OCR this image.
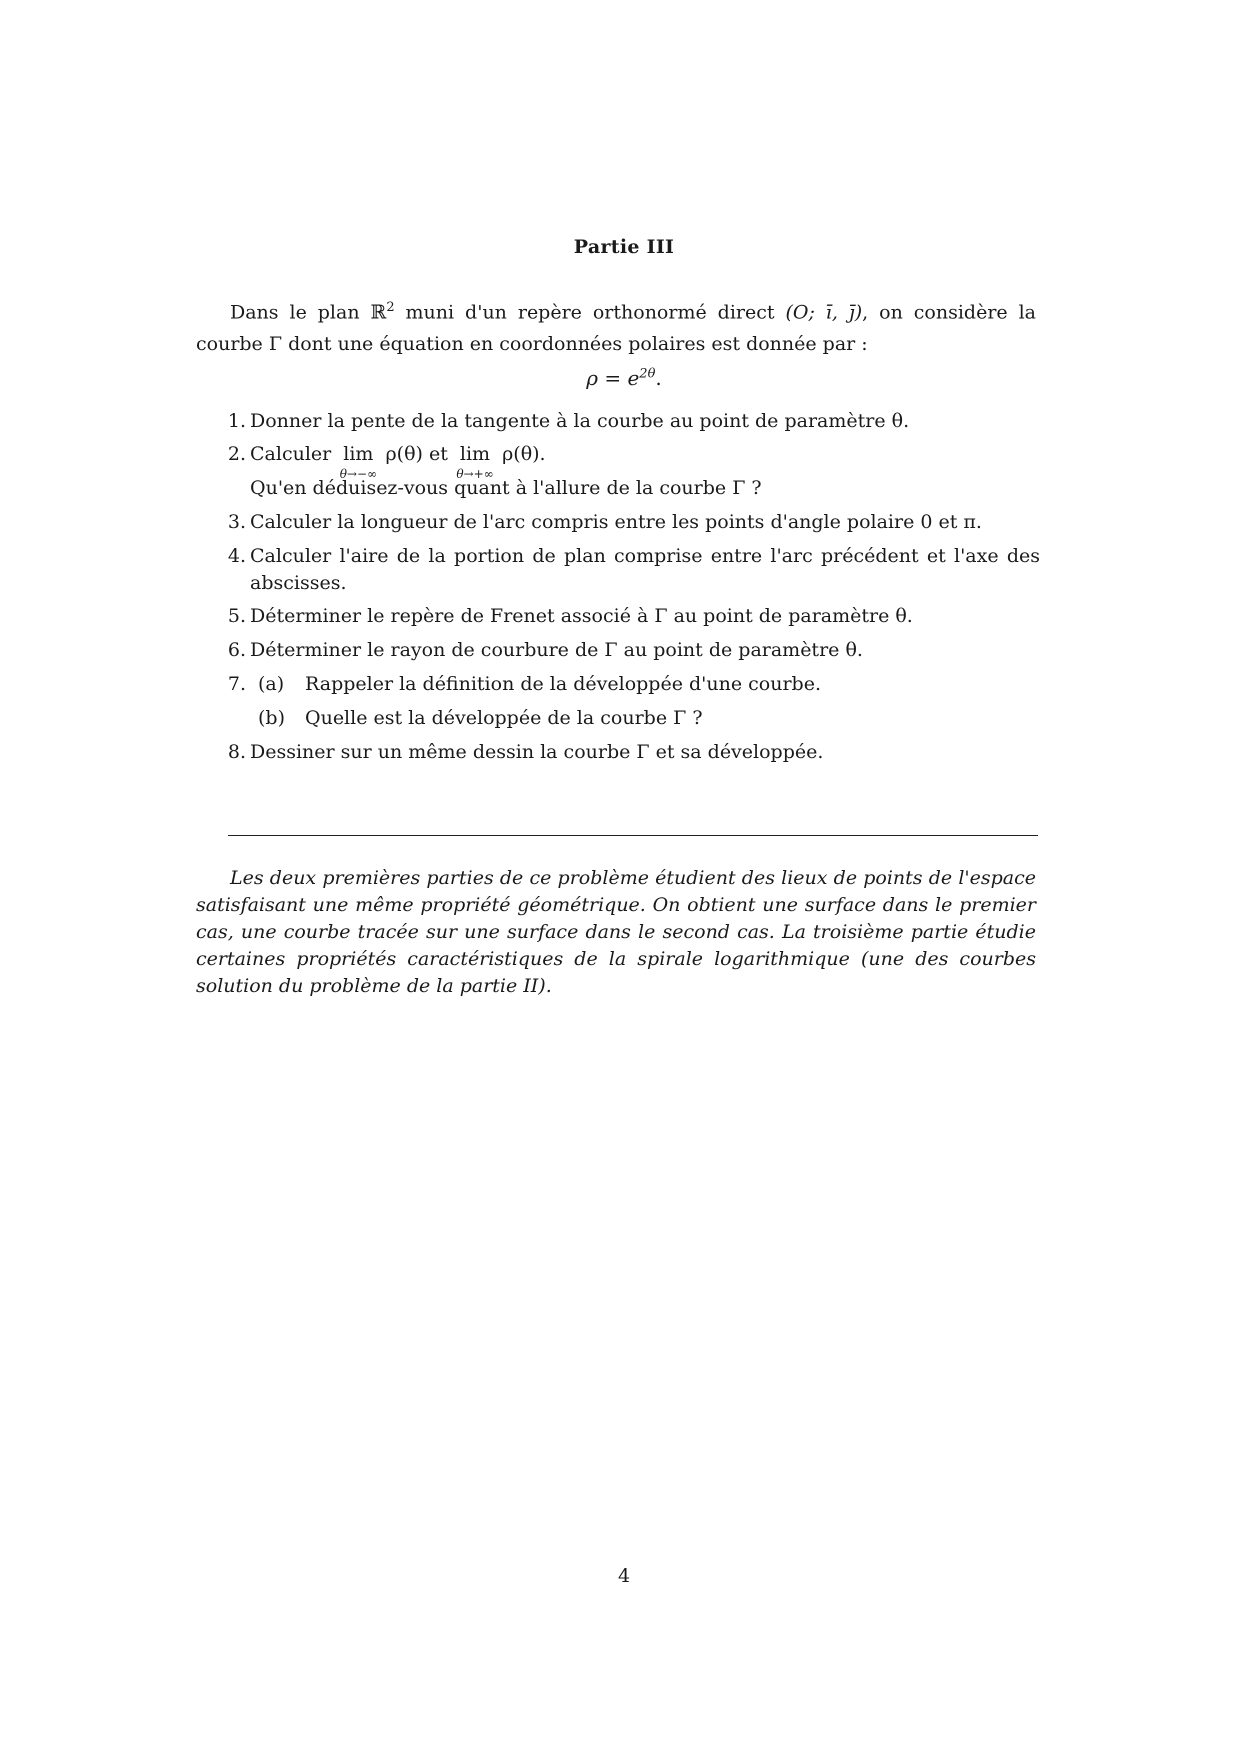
Partie III
Dans le plan ℝ$^2$ muni d'un repère orthonormé direct (O; ī, j̄), on considère la courbe Γ dont une équation en coordonnées polaires est donnée par :
$\rho = e^{2\theta}$.
1. Donner la pente de la tangente à la courbe au point de paramètre θ.
2. Calculer lim
θ→−∞
ρ(θ) et lim
θ→+∞
ρ(θ).
Qu'en déduisez-vous quant à l'allure de la courbe Γ ?
3. Calculer la longueur de l'arc compris entre les points d'angle polaire 0 et π.
4. Calculer l'aire de la portion de plan comprise entre l'arc précédent et l'axe des abscisses.
5. Déterminer le repère de Frenet associé à Γ au point de paramètre θ.
6. Déterminer le rayon de courbure de Γ au point de paramètre θ.
7. (a) Rappeler la définition de la développée d'une courbe.
(b) Quelle est la développée de la courbe Γ ?
8. Dessiner sur un même dessin la courbe Γ et sa développée.
Les deux premières parties de ce problème étudient des lieux de points de l'espace satisfaisant une même propriété géométrique. On obtient une surface dans le premier cas, une courbe tracée sur une surface dans le second cas. La troisième partie étudie certaines propriétés caractéristiques de la spirale logarithmique (une des courbes solution du problème de la partie II).
4
